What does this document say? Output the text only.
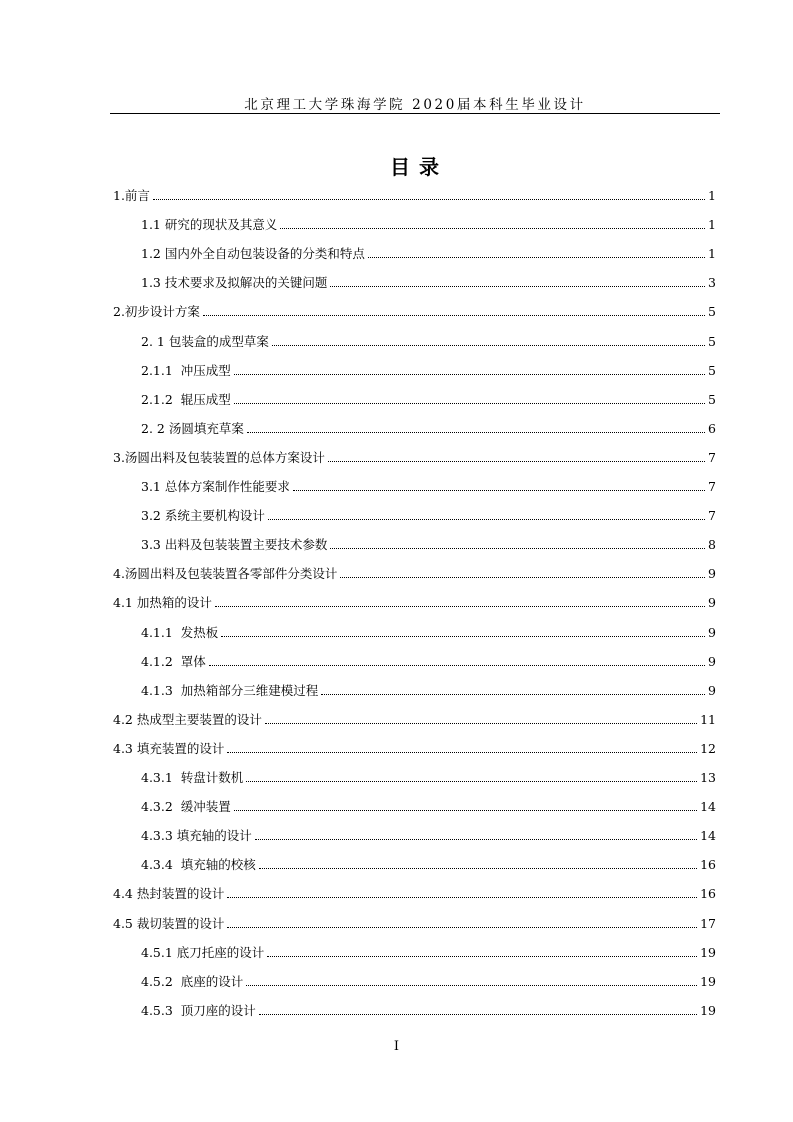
北京理工大学珠海学院 2020届本科生毕业设计
目 录
1.前言	1
1.1 研究的现状及其意义	1
1.2 国内外全自动包装设备的分类和特点	1
1.3 技术要求及拟解决的关键问题	3
2.初步设计方案	5
2. 1 包装盒的成型草案	5
2.1.1  冲压成型	5
2.1.2  辊压成型	5
2. 2 汤圆填充草案	6
3.汤圆出料及包装装置的总体方案设计	7
3.1 总体方案制作性能要求	7
3.2 系统主要机构设计	7
3.3 出料及包装装置主要技术参数	8
4.汤圆出料及包装装置各零部件分类设计	9
4.1 加热箱的设计	9
4.1.1  发热板	9
4.1.2  罩体	9
4.1.3  加热箱部分三维建模过程	9
4.2 热成型主要装置的设计	11
4.3 填充装置的设计	12
4.3.1  转盘计数机	13
4.3.2  缓冲装置	14
4.3.3 填充轴的设计	14
4.3.4  填充轴的校核	16
4.4 热封装置的设计	16
4.5 裁切装置的设计	17
4.5.1 底刀托座的设计	19
4.5.2  底座的设计	19
4.5.3  顶刀座的设计	19
I
